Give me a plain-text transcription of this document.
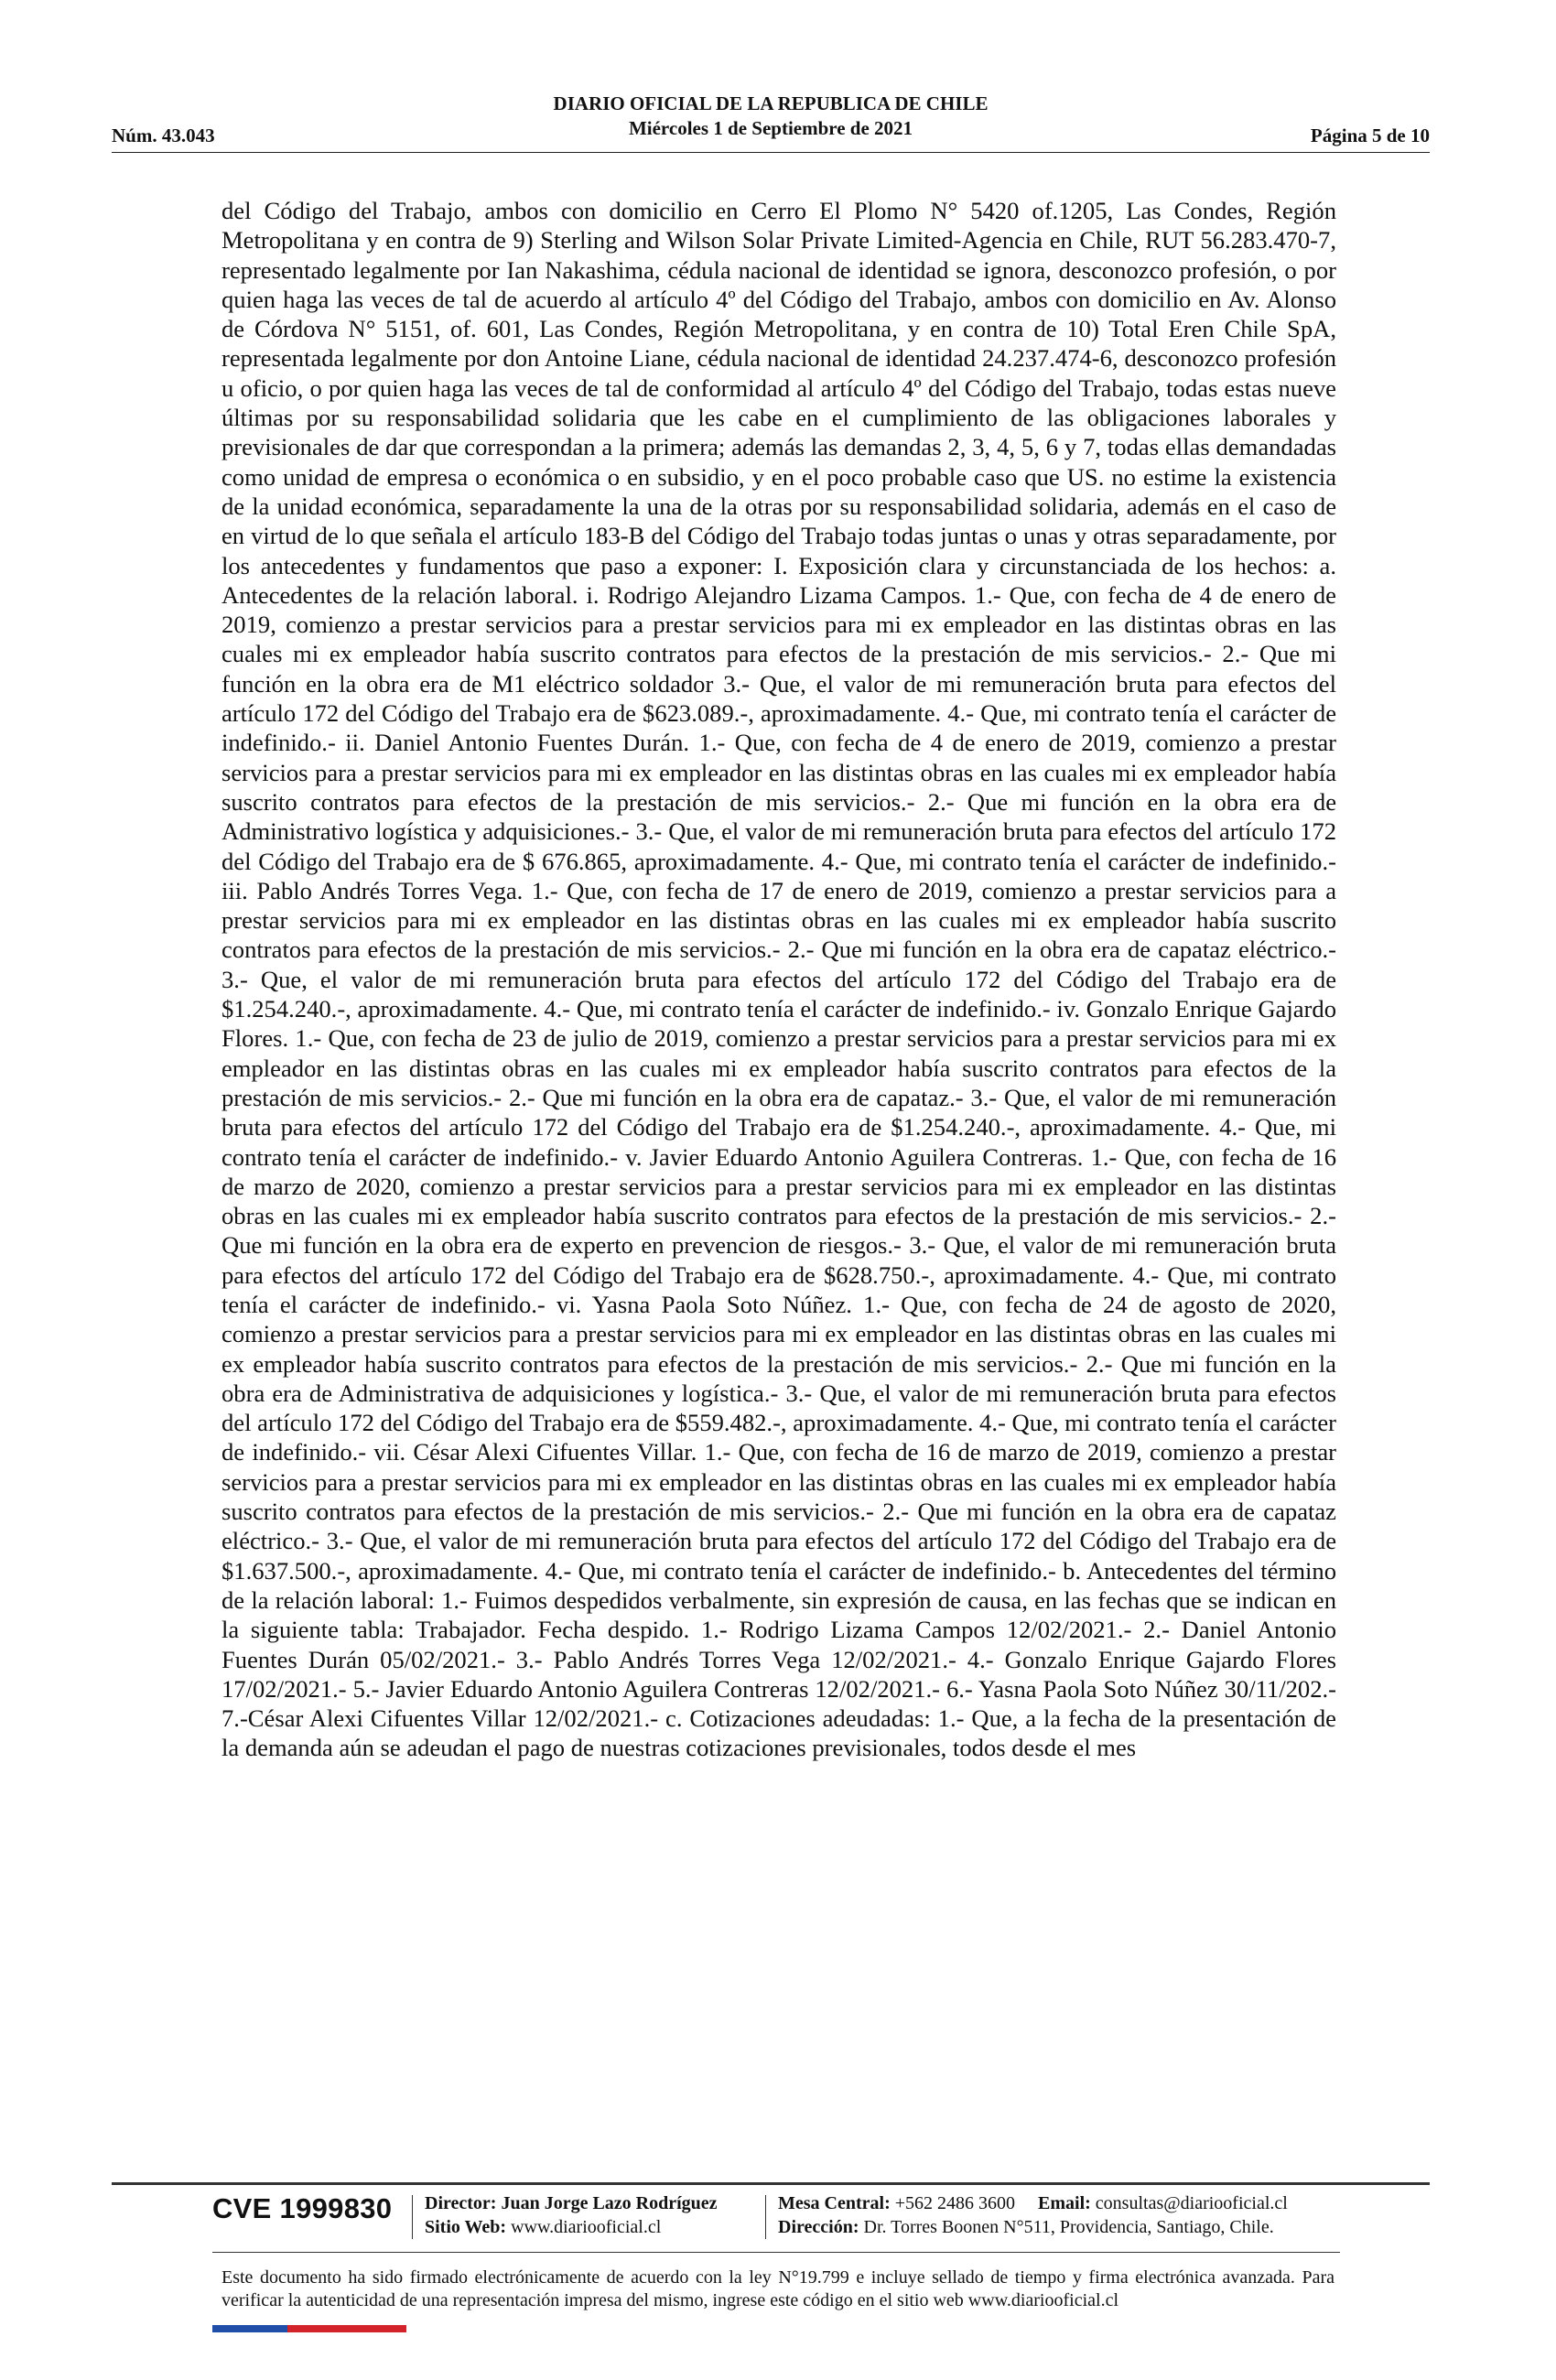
Núm. 43.043
DIARIO OFICIAL DE LA REPUBLICA DE CHILE
Miércoles 1 de Septiembre de 2021	Página 5 de 10

del Código del Trabajo, ambos con domicilio en Cerro El Plomo N° 5420 of.1205, Las Condes, Región Metropolitana y en contra de 9) Sterling and Wilson Solar Private Limited-Agencia en Chile, RUT 56.283.470-7, representado legalmente por Ian Nakashima, cédula nacional de identidad se ignora, desconozco profesión, o por quien haga las veces de tal de acuerdo al artículo 4º del Código del Trabajo, ambos con domicilio en Av. Alonso de Córdova N° 5151, of. 601, Las Condes, Región Metropolitana, y en contra de 10) Total Eren Chile SpA, representada legalmente por don Antoine Liane, cédula nacional de identidad 24.237.474-6, desconozco profesión u oficio, o por quien haga las veces de tal de conformidad al artículo 4º del Código del Trabajo, todas estas nueve últimas por su responsabilidad solidaria que les cabe en el cumplimiento de las obligaciones laborales y previsionales de dar que correspondan a la primera; además las demandas 2, 3, 4, 5, 6 y 7, todas ellas demandadas como unidad de empresa o económica o en subsidio, y en el poco probable caso que US. no estime la existencia de la unidad económica, separadamente la una de la otras por su responsabilidad solidaria, además en el caso de en virtud de lo que señala el artículo 183-B del Código del Trabajo todas juntas o unas y otras separadamente, por los antecedentes y fundamentos que paso a exponer: I. Exposición clara y circunstanciada de los hechos: a. Antecedentes de la relación laboral. i. Rodrigo Alejandro Lizama Campos. 1.- Que, con fecha de 4 de enero de 2019, comienzo a prestar servicios para a prestar servicios para mi ex empleador en las distintas obras en las cuales mi ex empleador había suscrito contratos para efectos de la prestación de mis servicios.- 2.- Que mi función en la obra era de M1 eléctrico soldador 3.- Que, el valor de mi remuneración bruta para efectos del artículo 172 del Código del Trabajo era de $623.089.-, aproximadamente. 4.- Que, mi contrato tenía el carácter de indefinido.- ii. Daniel Antonio Fuentes Durán. 1.- Que, con fecha de 4 de enero de 2019, comienzo a prestar servicios para a prestar servicios para mi ex empleador en las distintas obras en las cuales mi ex empleador había suscrito contratos para efectos de la prestación de mis servicios.- 2.- Que mi función en la obra era de Administrativo logística y adquisiciones.- 3.- Que, el valor de mi remuneración bruta para efectos del artículo 172 del Código del Trabajo era de $ 676.865, aproximadamente. 4.- Que, mi contrato tenía el carácter de indefinido.- iii. Pablo Andrés Torres Vega. 1.- Que, con fecha de 17 de enero de 2019, comienzo a prestar servicios para a prestar servicios para mi ex empleador en las distintas obras en las cuales mi ex empleador había suscrito contratos para efectos de la prestación de mis servicios.- 2.- Que mi función en la obra era de capataz eléctrico.- 3.- Que, el valor de mi remuneración bruta para efectos del artículo 172 del Código del Trabajo era de $1.254.240.-, aproximadamente. 4.- Que, mi contrato tenía el carácter de indefinido.- iv. Gonzalo Enrique Gajardo Flores. 1.- Que, con fecha de 23 de julio de 2019, comienzo a prestar servicios para a prestar servicios para mi ex empleador en las distintas obras en las cuales mi ex empleador había suscrito contratos para efectos de la prestación de mis servicios.- 2.- Que mi función en la obra era de capataz.- 3.- Que, el valor de mi remuneración bruta para efectos del artículo 172 del Código del Trabajo era de $1.254.240.-, aproximadamente. 4.- Que, mi contrato tenía el carácter de indefinido.- v. Javier Eduardo Antonio Aguilera Contreras. 1.- Que, con fecha de 16 de marzo de 2020, comienzo a prestar servicios para a prestar servicios para mi ex empleador en las distintas obras en las cuales mi ex empleador había suscrito contratos para efectos de la prestación de mis servicios.- 2.- Que mi función en la obra era de experto en prevencion de riesgos.- 3.- Que, el valor de mi remuneración bruta para efectos del artículo 172 del Código del Trabajo era de $628.750.-, aproximadamente. 4.- Que, mi contrato tenía el carácter de indefinido.- vi. Yasna Paola Soto Núñez. 1.- Que, con fecha de 24 de agosto de 2020, comienzo a prestar servicios para a prestar servicios para mi ex empleador en las distintas obras en las cuales mi ex empleador había suscrito contratos para efectos de la prestación de mis servicios.- 2.- Que mi función en la obra era de Administrativa de adquisiciones y logística.- 3.- Que, el valor de mi remuneración bruta para efectos del artículo 172 del Código del Trabajo era de $559.482.-, aproximadamente. 4.- Que, mi contrato tenía el carácter de indefinido.- vii. César Alexi Cifuentes Villar. 1.- Que, con fecha de 16 de marzo de 2019, comienzo a prestar servicios para a prestar servicios para mi ex empleador en las distintas obras en las cuales mi ex empleador había suscrito contratos para efectos de la prestación de mis servicios.- 2.- Que mi función en la obra era de capataz eléctrico.- 3.- Que, el valor de mi remuneración bruta para efectos del artículo 172 del Código del Trabajo era de $1.637.500.-, aproximadamente. 4.- Que, mi contrato tenía el carácter de indefinido.- b. Antecedentes del término de la relación laboral: 1.- Fuimos despedidos verbalmente, sin expresión de causa, en las fechas que se indican en la siguiente tabla: Trabajador. Fecha despido. 1.- Rodrigo Lizama Campos 12/02/2021.- 2.- Daniel Antonio Fuentes Durán 05/02/2021.- 3.- Pablo Andrés Torres Vega 12/02/2021.- 4.- Gonzalo Enrique Gajardo Flores 17/02/2021.- 5.- Javier Eduardo Antonio Aguilera Contreras 12/02/2021.- 6.- Yasna Paola Soto Núñez 30/11/202.- 7.-César Alexi Cifuentes Villar 12/02/2021.- c. Cotizaciones adeudadas: 1.- Que, a la fecha de la presentación de la demanda aún se adeudan el pago de nuestras cotizaciones previsionales, todos desde el mes

CVE 1999830 Director: Juan Jorge Lazo Rodríguez
Sitio Web: www.diariooficial.cl
Mesa Central: +562 2486 3600 Email: consultas@diariooficial.cl
Dirección: Dr. Torres Boonen N°511, Providencia, Santiago, Chile.

Este documento ha sido firmado electrónicamente de acuerdo con la ley N°19.799 e incluye sellado de tiempo y firma electrónica avanzada. Para verificar la autenticidad de una representación impresa del mismo, ingrese este código en el sitio web www.diariooficial.cl
